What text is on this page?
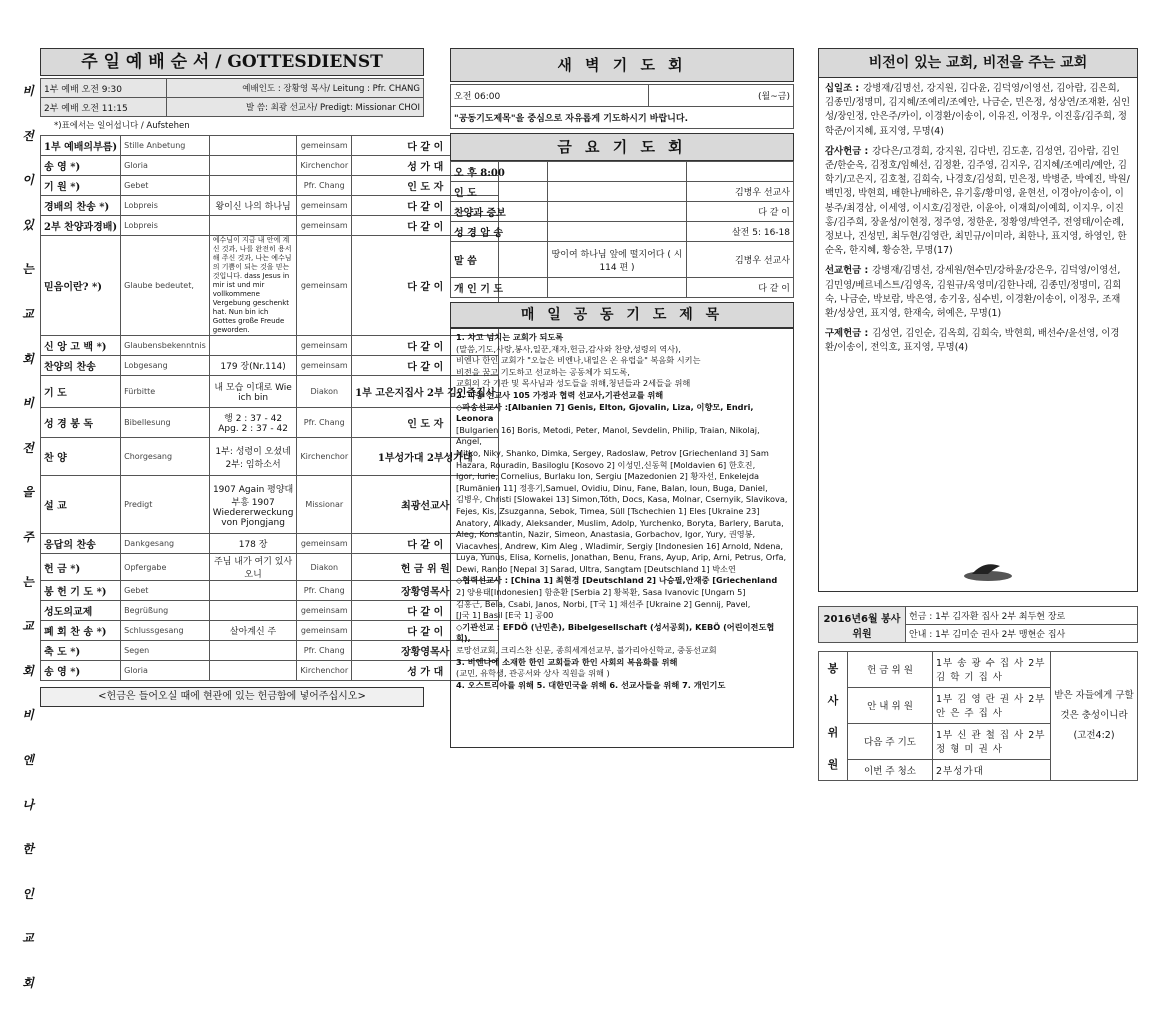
비
전
이
있
는
교
회
비
전
을
주
는
교
회
비
엔
나
한
인
교
회
주 일 예 배 순 서 / GOTTESDIENST
1부 예배 오전 9:30	예배인도 : 장황영 목사/ Leitung : Pfr. CHANG
2부 예배 오전 11:15	발 씀: 최광 선교사/ Predigt: Missionar CHOI
*)표에서는 일어섭니다 / Aufstehen
1부 예배의부름)	Stille Anbetung		gemeinsam	다 같 이
송 영 *)	Gloria		Kirchenchor	성 가 대
기 원 *)	Gebet		Pfr. Chang	인 도 자
경배의 찬송 *)	Lobpreis	왕이신 나의 하나님	gemeinsam	다 같 이
2부 찬양과경배)	Lobpreis		gemeinsam	다 같 이
믿음이란? *)	Glaube bedeutet,	예수님이 지금 내 안에 계신 것과, 나를 완전히 용서해 주신 것과, 나는 예수님의 기쁨이 되는 것을 믿는 것입니다. dass Jesus in mir ist und mir vollkommene Vergebung geschenkt hat. Nun bin ich Gottes große Freude geworden.	gemeinsam	다 같 이
신 앙 고 백 *)	Glaubensbekenntnis		gemeinsam	다 같 이
찬양의 찬송	Lobgesang	179 장(Nr.114)	gemeinsam	다 같 이
기 도	Fürbitte	내 모습 이대로 Wie ich bin	Diakon	1부 고은지집사 2부 김인준집사
성 경 봉 독	Bibellesung	행 2 : 37 - 42 Apg. 2 : 37 - 42	Pfr. Chang	인 도 자
찬 양	Chorgesang	1부: 성령이 오셨네 2부: 임하소서	Kirchenchor	1부성가대 2부성가대
설 교	Predigt	1907 Again 평양대부흥 1907 Wiedererweckung von Pjongjang	Missionar	최광선교사
응답의 찬송	Dankgesang	178 장	gemeinsam	다 같 이
헌 금 *)	Opfergabe	주님 내가 여기 있사오니	Diakon	헌 금 위 원
봉 헌 기 도 *)	Gebet		Pfr. Chang	장황영목사
성도의교제	Begrüßung		gemeinsam	다 같 이
폐 회 찬 송 *)	Schlussgesang	살아계신 주	gemeinsam	다 같 이
축 도 *)	Segen		Pfr. Chang	장황영목사
송 영 *)	Gloria		Kirchenchor	성 가 대
<헌금은 들어오실 때에 현관에 있는 헌금함에 넣어주십시오>
새 벽 기 도 회
오전 06:00	(월~금)
"공동기도제목"을 중심으로 자유롭게 기도하시기 바랍니다.
금 요 기 도 회
오 후 8:00		
인 도		김병우 선교사
찬양과 증보		다 같 이
성 경 암 송		살전 5: 16-18
말 씀	땅이여 하나님 앞에 떨지어다 ( 시 114 편 )	김병우 선교사
개 인 기 도		다 같 이
매 일 공 동 기 도 제 목
1. 차고 넘치는 교회가 되도록
(말씀,기도,사랑,봉사,일꾼,재자,헌금,감사와 찬양,성령의 역사),
비엔나 한인 교회가 "오늘은 비엔나,내일은 온 유럽을" 복음화 시키는
비전을 꿈고 기도하고 선교하는 공동체가 되도록,
교회의 각 기관 및 목사님과 성도들을 위해,청년들과 2세들을 위해
2. 파송 선교사 105 가정과 협력 선교사,기관선교를 위해
◇파송선교사 :[Albanien 7] Genis, Elton, Gjovalin, Liza, 이향모, Endri, Leonora
[Bulgarien 16] Boris, Metodi, Peter, Manol, Sevdelin, Philip, Traian, Nikolaj, Angel,
Mitko, Niky, Shanko, Dimka, Sergey, Radoslaw, Petrov [Griechenland 3] Sam
Hazara, Rouradin, Basiloglu [Kosovo 2] 이성민,신동혁 [Moldavien 6] 한호진,
Igor, Iurie, Cornelius, Burlaku Ion, Sergiu [Mazedonien 2] 황자선, Enkelejda
[Rumänien 11] 정흥기,Samuel, Ovidiu, Dinu, Fane, Balan, Ioun, Buga, Daniel,
김병우, Christi [Slowakei 13] Simon,Tóth, Docs, Kasa, Molnar, Csernyik, Slavikova,
Fejes, Kis, Zsuzganna, Sebok, Timea, Süll [Tschechien 1] Eles [Ukraine 23]
Anatory, Alkady, Aleksander, Muslim, Adolp, Yurchenko, Boryta, Barlery, Baruta,
Aleg, Konstantin, Nazir, Simeon, Anastasia, Gorbachov, Igor, Yury, 권영봉,
Viacavhesl, Andrew, Kim Aleg , Wladimir, Sergiy [Indonesien 16] Arnold, Ndena,
Luya, Yunus, Elisa, Kornelis, Jonathan, Benu, Frans, Ayup, Arip, Arni, Petrus, Orfa,
Dewi, Rando [Nepal 3] Sarad, Ultra, Sangtam [Deutschland 1] 박소연
◇협력선교사 : [China 1] 최현경 [Deutschland 2] 나승필,안재중 [Griechenland
2] 양용태[Indonesien] 함춘환 [Serbia 2] 황복환, Sasa Ivanovic [Ungarn 5]
김홍근, Bela, Csabi, Janos, Norbi, [T국 1] 채선주 [Ukraine 2] Gennij, Pavel,
[J국 1] Basil [E국 1] 공00
◇기관선교 : EFDÖ (난민촌), Bibelgesellschaft (성서공회), KEBÖ (어린이전도협회),
로망선교회, 크리스찬 신문, 종희세계선교부, 불가리아신학교, 중동선교회
3. 비엔나에 소재한 한인 교회들과 한인 사회의 복음화를 위해
(교민, 유학생, 관공서와 상사 직원을 위해 )
4. 오스트리아를 위해 5. 대한민국을 위해 6. 선교사들을 위해 7. 개인기도
비전이 있는 교회, 비전을 주는 교회
십일조 : 강병재/김명선, 강지원, 김다윤, 김덕영/이영선, 김아람, 김은희, 김종민/정명미, 김지혜/조예리/조예안, 나금순, 민은정, 성상연/조재환, 심인성/장인정, 안은주/카이, 이경환/이송이, 이유진, 이정우, 이진홍/김주희, 정학준/이지혜, 표지영, 무명(4)
감사헌금 : 강다은/고경희, 강지원, 김다빈, 김도훈, 김성연, 김아람, 김인준/한순옥, 김정호/임혜선, 김정환, 김주영, 김지우, 김지혜/조예리/예안, 김학기/고은지, 김호철, 김희숙, 나경호/김성희, 민은정, 박병준, 박예진, 박원/백민정, 박현희, 배한나/배하은, 유기홍/황미영, 윤현선, 이경아/이송이, 이봉주/최경삼, 이세영, 이시호/김정란, 이윤아, 이재희/이예희, 이지우, 이진홍/김주희, 장윤성/이현정, 정주영, 정한운, 정황영/박연주, 전영태/이순례, 정보나, 진성민, 최두현/김영란, 최민규/이미라, 최한나, 표지영, 하영인, 한순옥, 한지혜, 황승찬, 무명(17)
선교헌금 : 강병재/김명선, 강세원/현수민/강하윤/강은우, 김덕영/이영선, 김민영/베르네스트/김영옥, 김원규/육영미/김한나래, 김종민/정명미, 김희숙, 나금순, 박보람, 박은영, 송기웅, 심수빈, 이경환/이송이, 이정우, 조재환/성상연, 표지영, 한재숙, 허예은, 무명(1)
구제헌금 : 김성연, 김인순, 김옥희, 김희숙, 박현희, 배선수/윤선영, 이경환/이송이, 전익호, 표지영, 무명(4)
2016년6월 봉사위원	헌금 : 1부 김자환 집사 2부 최두현 장로
안내 : 1부 김미순 권사 2부 맹현순 집사
봉
사
위
원	헌 금 위 원	1부 송 광 수 집 사 2부 김 학 기 집 사	받은 자들에게 구할 것은 충성이니라 (고전4:2)
	안 내 위 원	1부 김 영 란 권 사 2부 안 은 주 집 사	
	다음 주 기도	1부 신 관 철 집 사 2부 정 형 미 권 사	
	이번 주 청소	2부성가대	
